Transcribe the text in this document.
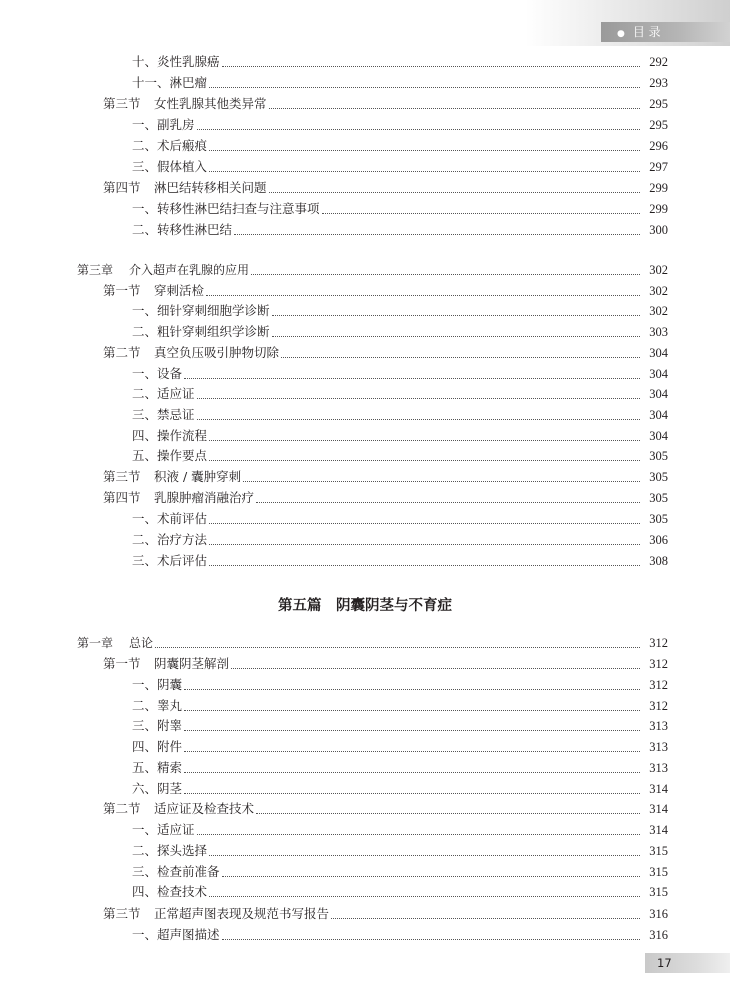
● 目 录
十、炎性乳腺癌	292
十一、淋巴瘤	293
第三节 女性乳腺其他类异常	295
一、副乳房	295
二、术后瘢痕	296
三、假体植入	297
第四节 淋巴结转移相关问题	299
一、转移性淋巴结扫查与注意事项	299
二、转移性淋巴结	300
第三章 介入超声在乳腺的应用	302
第一节 穿刺活检	302
一、细针穿刺细胞学诊断	302
二、粗针穿刺组织学诊断	303
第二节 真空负压吸引肿物切除	304
一、设备	304
二、适应证	304
三、禁忌证	304
四、操作流程	304
五、操作要点	305
第三节 积液 / 囊肿穿刺	305
第四节 乳腺肿瘤消融治疗	305
一、术前评估	305
二、治疗方法	306
三、术后评估	308
第五篇　阴囊阴茎与不育症
第一章 总论	312
第一节 阴囊阴茎解剖	312
一、阴囊	312
二、睾丸	312
三、附睾	313
四、附件	313
五、精索	313
六、阴茎	314
第二节 适应证及检查技术	314
一、适应证	314
二、探头选择	315
三、检查前准备	315
四、检查技术	315
第三节 正常超声图表现及规范书写报告	316
一、超声图描述	316
17
